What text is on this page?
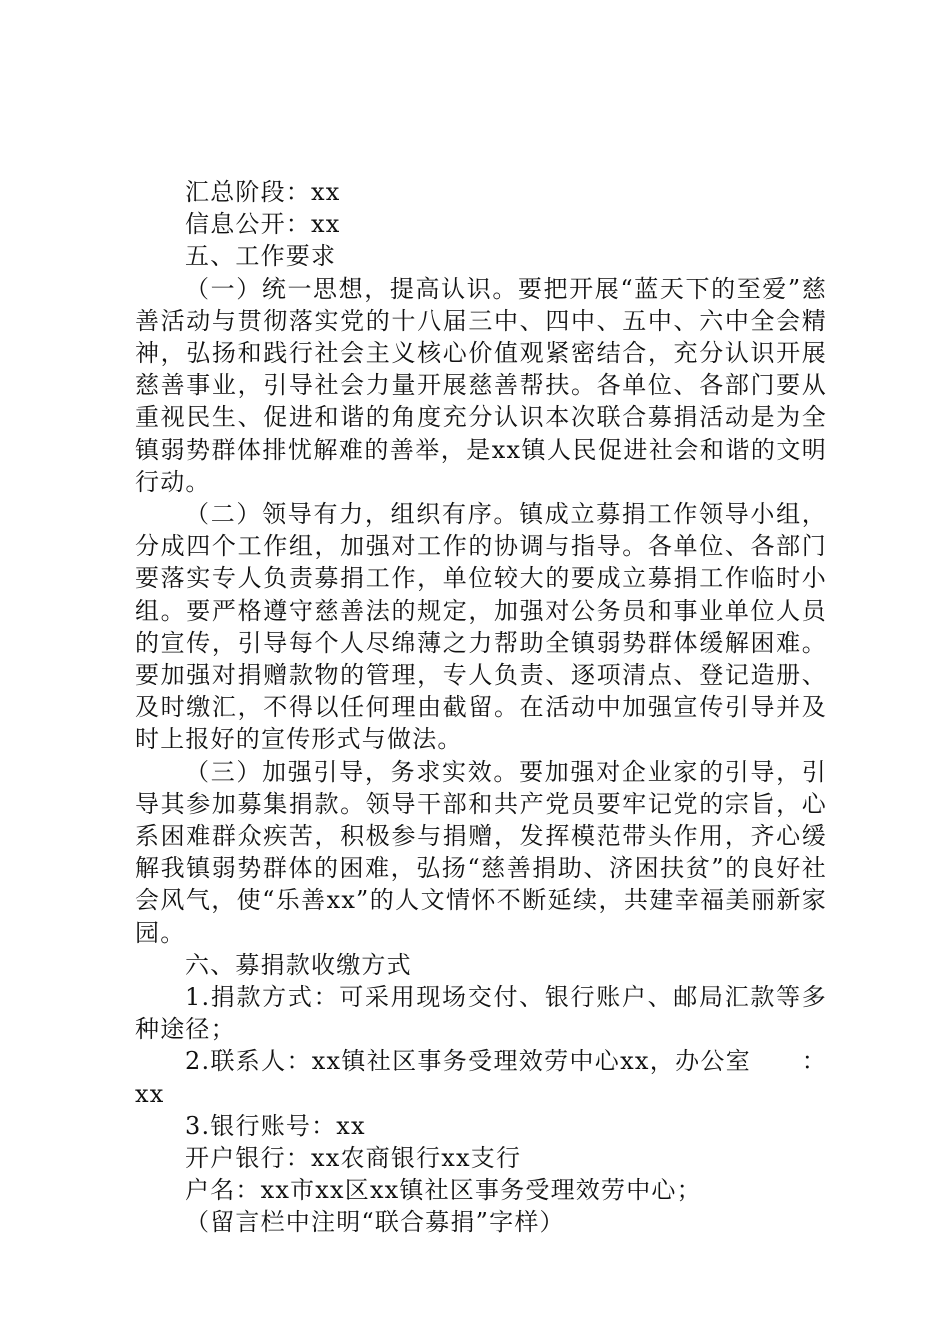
汇总阶段：xx
信息公开：xx
五、工作要求

（一）统一思想，提高认识。要把开展“蓝天下的至爱”慈善活动与贯彻落实党的十八届三中、四中、五中、六中全会精神，弘扬和践行社会主义核心价值观紧密结合，充分认识开展慈善事业，引导社会力量开展慈善帮扶。各单位、各部门要从重视民生、促进和谐的角度充分认识本次联合募捐活动是为全镇弱势群体排忧解难的善举，是xx镇人民促进社会和谐的文明行动。

（二）领导有力，组织有序。镇成立募捐工作领导小组，分成四个工作组，加强对工作的协调与指导。各单位、各部门要落实专人负责募捐工作，单位较大的要成立募捐工作临时小组。要严格遵守慈善法的规定，加强对公务员和事业单位人员的宣传，引导每个人尽绵薄之力帮助全镇弱势群体缓解困难。要加强对捐赠款物的管理，专人负责、逐项清点、登记造册、及时缴汇，不得以任何理由截留。在活动中加强宣传引导并及时上报好的宣传形式与做法。

（三）加强引导，务求实效。要加强对企业家的引导，引导其参加募集捐款。领导干部和共产党员要牢记党的宗旨，心系困难群众疾苦，积极参与捐赠，发挥模范带头作用，齐心缓解我镇弱势群体的困难，弘扬“慈善捐助、济困扶贫”的良好社会风气，使“乐善xx”的人文情怀不断延续，共建幸福美丽新家园。

六、募捐款收缴方式

1.捐款方式：可采用现场交付、银行账户、邮局汇款等多种途径；

2.联系人：xx镇社区事务受理效劳中心xx，办公室　　：xx

3.银行账号：xx
开户银行：xx农商银行xx支行
户名：xx市xx区xx镇社区事务受理效劳中心；
（留言栏中注明“联合募捐”字样）
